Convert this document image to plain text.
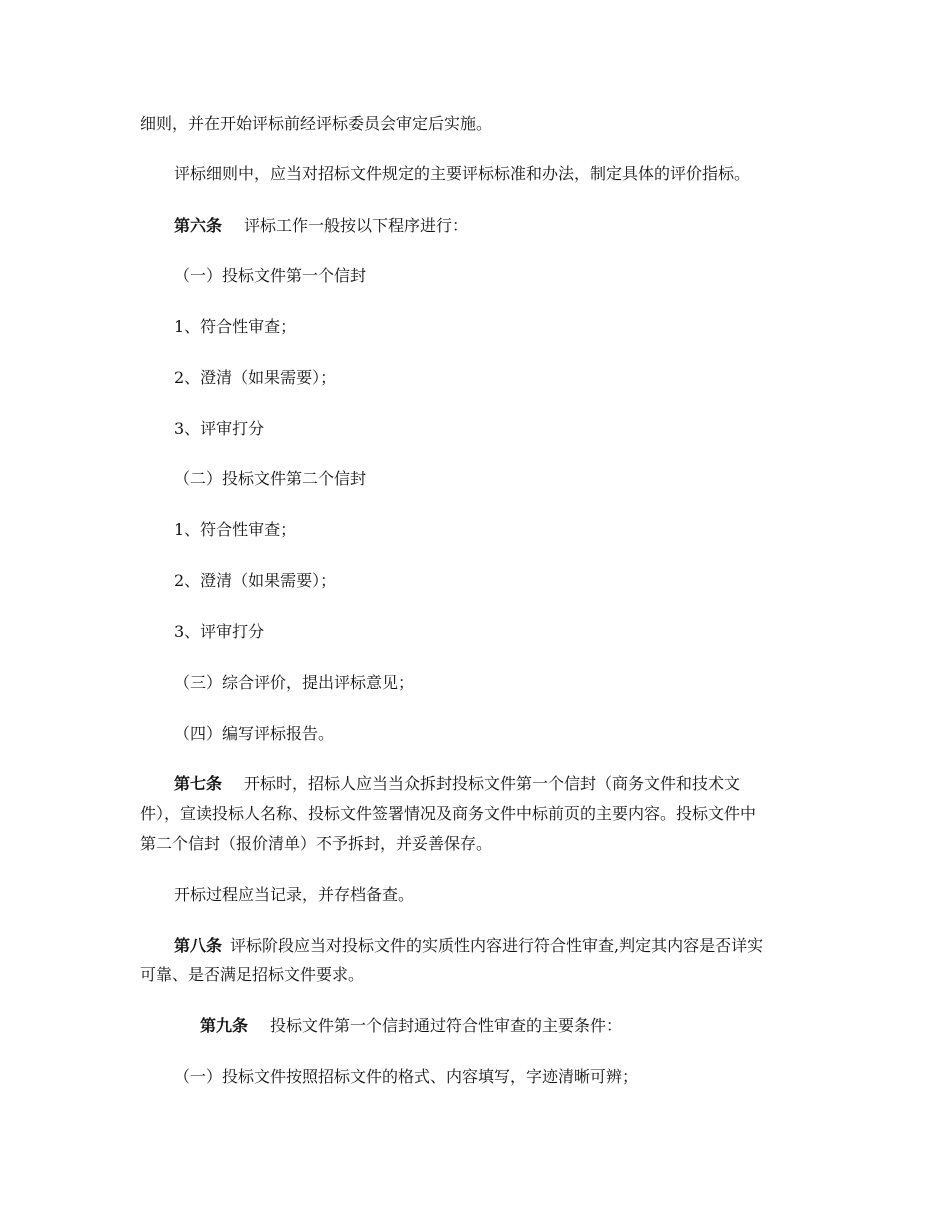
细则，并在开始评标前经评标委员会审定后实施。
评标细则中，应当对招标文件规定的主要评标标准和办法，制定具体的评价指标。
第六条 评标工作一般按以下程序进行：
（一）投标文件第一个信封
1、符合性审查；
2、澄清（如果需要）；
3、评审打分
（二）投标文件第二个信封
1、符合性审查；
2、澄清（如果需要）；
3、评审打分
（三）综合评价，提出评标意见；
（四）编写评标报告。
第七条 开标时，招标人应当当众拆封投标文件第一个信封（商务文件和技术文
件），宣读投标人名称、投标文件签署情况及商务文件中标前页的主要内容。投标文件中
第二个信封（报价清单）不予拆封，并妥善保存。
开标过程应当记录，并存档备查。
第八条 评标阶段应当对投标文件的实质性内容进行符合性审查,判定其内容是否详实
可靠、是否满足招标文件要求。
第九条 投标文件第一个信封通过符合性审查的主要条件：
（一）投标文件按照招标文件的格式、内容填写，字迹清晰可辨；
